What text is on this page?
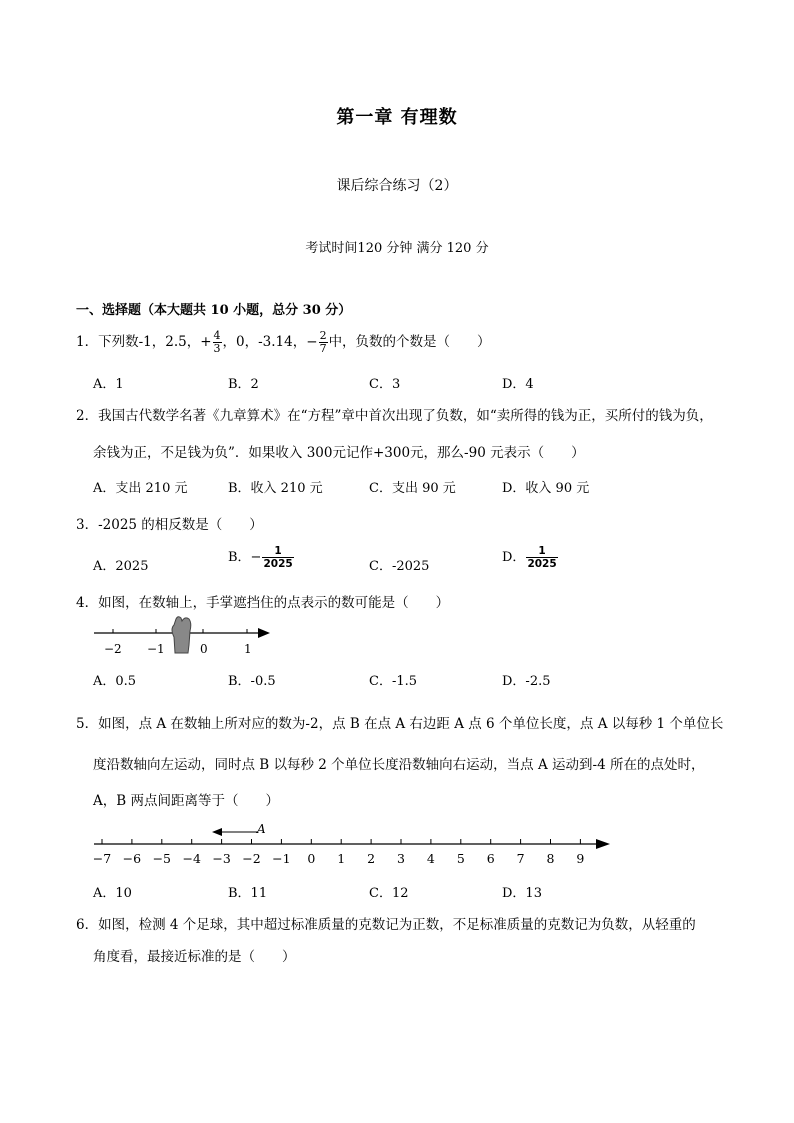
第一章 有理数
课后综合练习（2）
考试时间120 分钟 满分 120 分
一、选择题（本大题共 10 小题，总分 30 分）
1．下列数-1，2.5，+ $\frac{4}{3}$ ，0，-3.14，− $\frac{2}{7}$ 中，负数的个数是（　　）
A．1	B．2	C．3	D．4
2．我国古代数学名著《九章算术》在“方程”章中首次出现了负数，如“卖所得的钱为正，买所付的钱为负，
余钱为正，不足钱为负”．如果收入 300元记作+300元，那么-90 元表示（　　）
A．支出 210 元	B．收入 210 元	C．支出 90 元	D．收入 90 元
3．-2025 的相反数是（　　）
A．2025
B．− $\frac{1}{2025}$	C．-2025
D． $\frac{1}{2025}$
4．如图，在数轴上，手掌遮挡住的点表示的数可能是（　　）
−2 −1	0	1
A．0.5	B．-0.5	C．-1.5	D．-2.5
5．如图，点 A 在数轴上所对应的数为-2，点 B 在点 A 右边距 A 点 6 个单位长度，点 A 以每秒 1 个单位长
度沿数轴向左运动，同时点 B 以每秒 2 个单位长度沿数轴向右运动，当点 A 运动到-4 所在的点处时，
A，B 两点间距离等于（　　）
A
−7 −6 −5 −4 −3 −2 −1 0 1 2 3 4 5 6 7 8 9
A．10	B．11	C．12	D．13
6．如图，检测 4 个足球，其中超过标准质量的克数记为正数，不足标准质量的克数记为负数，从轻重的
角度看，最接近标准的是（　　）
